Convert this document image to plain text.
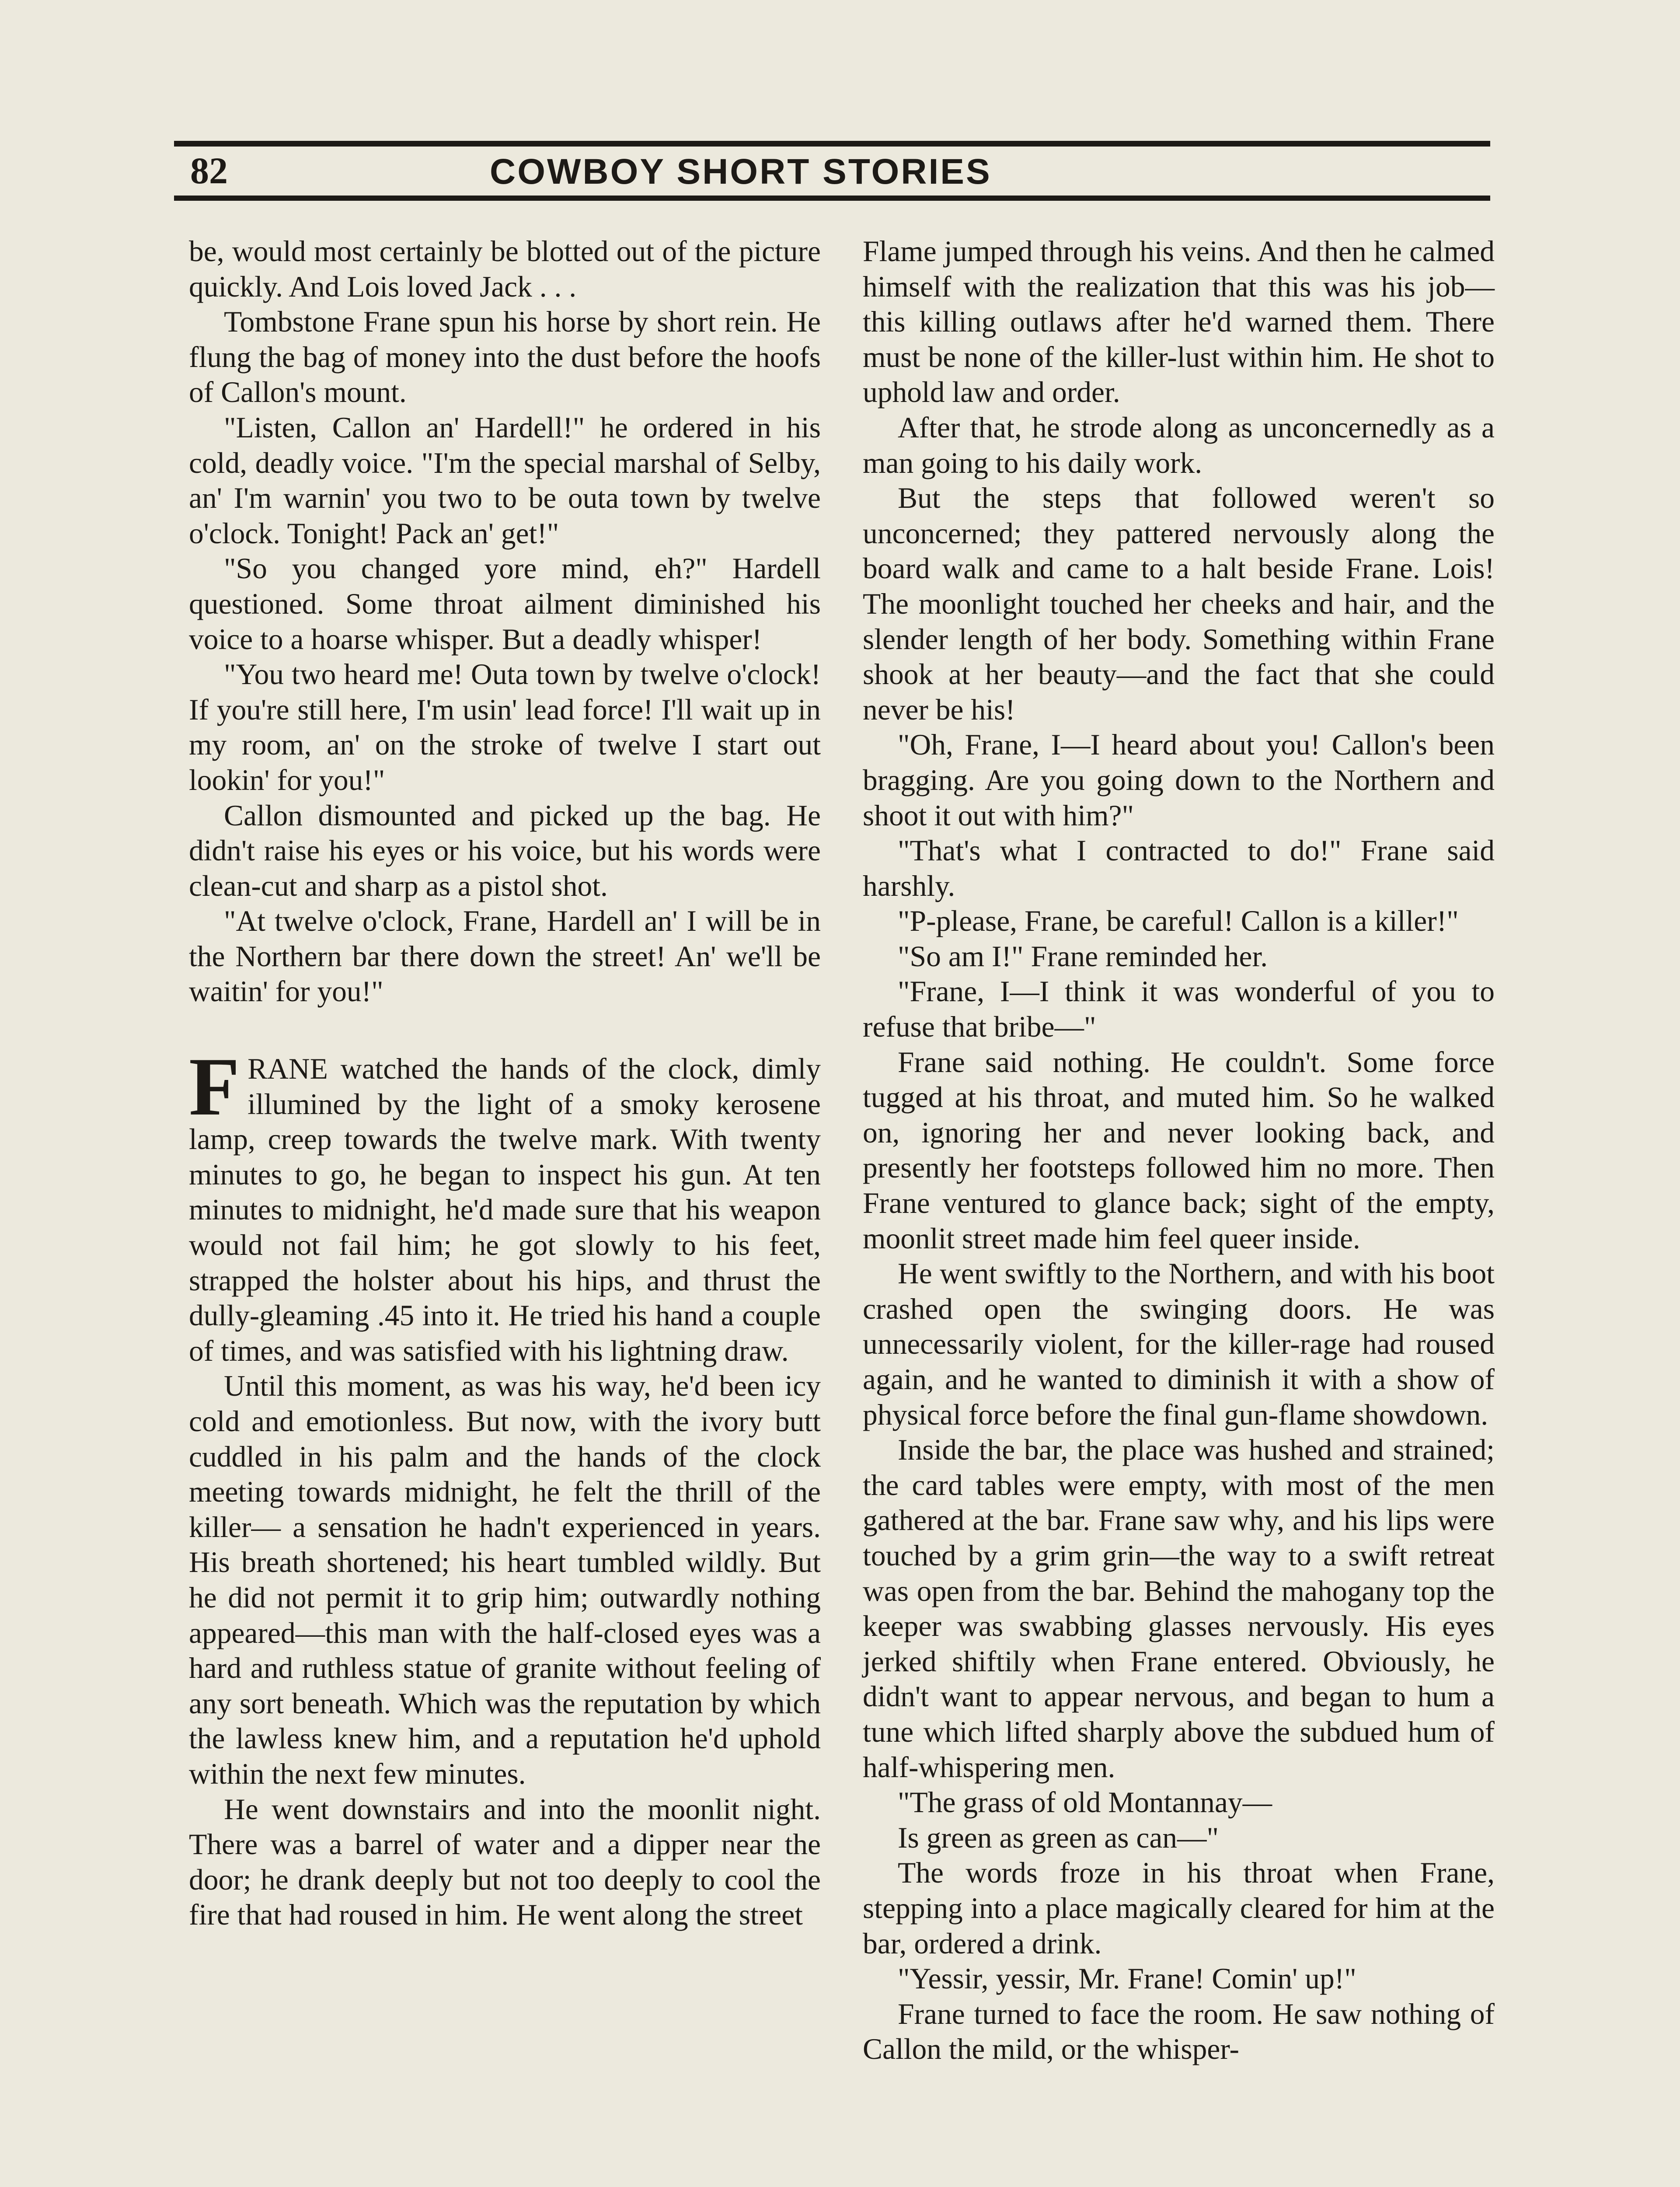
82	COWBOY SHORT STORIES

be, would most certainly be blotted out of the picture quickly. And Lois loved Jack . . .

Tombstone Frane spun his horse by short rein. He flung the bag of money into the dust before the hoofs of Callon's mount.

"Listen, Callon an' Hardell!" he ordered in his cold, deadly voice. "I'm the special marshal of Selby, an' I'm warnin' you two to be outa town by twelve o'clock. Tonight! Pack an' get!"

"So you changed yore mind, eh?" Hardell questioned. Some throat ailment diminished his voice to a hoarse whisper. But a deadly whisper!

"You two heard me! Outa town by twelve o'clock! If you're still here, I'm usin' lead force! I'll wait up in my room, an' on the stroke of twelve I start out lookin' for you!"

Callon dismounted and picked up the bag. He didn't raise his eyes or his voice, but his words were clean-cut and sharp as a pistol shot.

"At twelve o'clock, Frane, Hardell an' I will be in the Northern bar there down the street! An' we'll be waitin' for you!"

FRANE watched the hands of the clock, dimly illumined by the light of a smoky kerosene lamp, creep towards the twelve mark. With twenty minutes to go, he began to inspect his gun. At ten minutes to midnight, he'd made sure that his weapon would not fail him; he got slowly to his feet, strapped the holster about his hips, and thrust the dully-gleaming .45 into it. He tried his hand a couple of times, and was satisfied with his lightning draw.

Until this moment, as was his way, he'd been icy cold and emotionless. But now, with the ivory butt cuddled in his palm and the hands of the clock meeting towards midnight, he felt the thrill of the killer— a sensation he hadn't experienced in years. His breath shortened; his heart tumbled wildly. But he did not permit it to grip him; outwardly nothing appeared—this man with the half-closed eyes was a hard and ruthless statue of granite without feeling of any sort beneath. Which was the reputation by which the lawless knew him, and a reputation he'd uphold within the next few minutes.

He went downstairs and into the moonlit night. There was a barrel of water and a dipper near the door; he drank deeply but not too deeply to cool the fire that had roused in him. He went along the street

Flame jumped through his veins. And then he calmed himself with the realization that this was his job—this killing outlaws after he'd warned them. There must be none of the killer-lust within him. He shot to uphold law and order.

After that, he strode along as unconcernedly as a man going to his daily work.

But the steps that followed weren't so unconcerned; they pattered nervously along the board walk and came to a halt beside Frane. Lois! The moonlight touched her cheeks and hair, and the slender length of her body. Something within Frane shook at her beauty—and the fact that she could never be his!

"Oh, Frane, I—I heard about you! Callon's been bragging. Are you going down to the Northern and shoot it out with him?"

"That's what I contracted to do!" Frane said harshly.

"P-please, Frane, be careful! Callon is a killer!"

"So am I!" Frane reminded her.

"Frane, I—I think it was wonderful of you to refuse that bribe—"

Frane said nothing. He couldn't. Some force tugged at his throat, and muted him. So he walked on, ignoring her and never looking back, and presently her footsteps followed him no more. Then Frane ventured to glance back; sight of the empty, moonlit street made him feel queer inside.

He went swiftly to the Northern, and with his boot crashed open the swinging doors. He was unnecessarily violent, for the killer-rage had roused again, and he wanted to diminish it with a show of physical force before the final gun-flame showdown.

Inside the bar, the place was hushed and strained; the card tables were empty, with most of the men gathered at the bar. Frane saw why, and his lips were touched by a grim grin—the way to a swift retreat was open from the bar. Behind the mahogany top the keeper was swabbing glasses nervously. His eyes jerked shiftily when Frane entered. Obviously, he didn't want to appear nervous, and began to hum a tune which lifted sharply above the subdued hum of half-whispering men.

"The grass of old Montannay—

Is green as green as can—"

The words froze in his throat when Frane, stepping into a place magically cleared for him at the bar, ordered a drink.

"Yessir, yessir, Mr. Frane! Comin' up!"

Frane turned to face the room. He saw nothing of Callon the mild, or the whisper-
